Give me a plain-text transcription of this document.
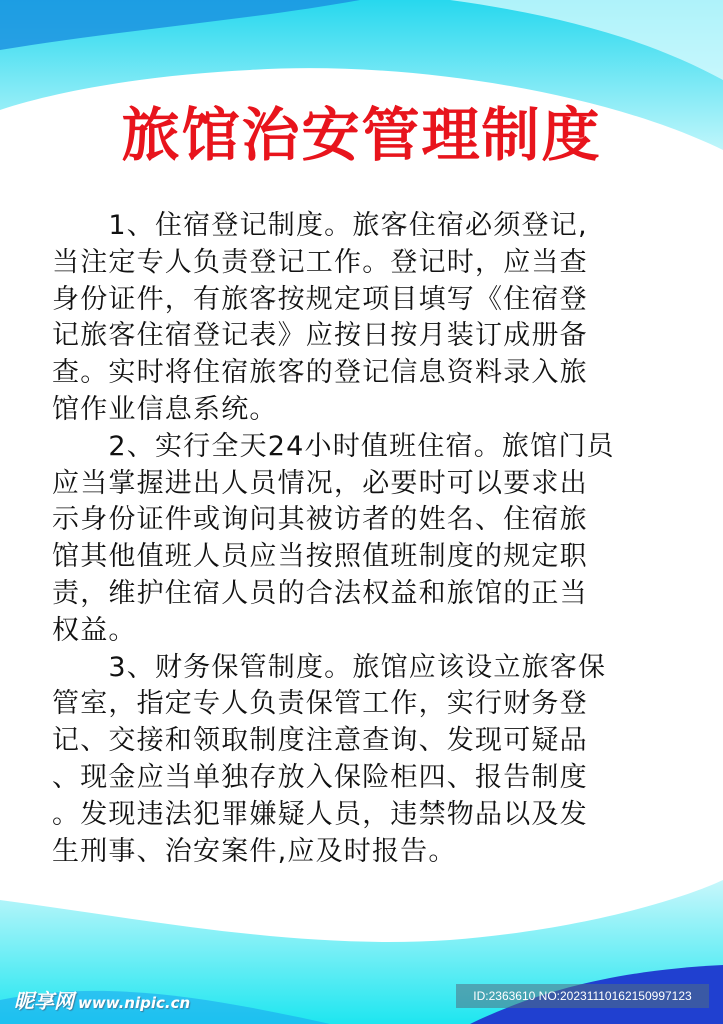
旅馆治安管理制度
　　1、住宿登记制度。旅客住宿必须登记,
当注定专人负责登记工作。登记时，应当查
身份证件，有旅客按规定项目填写《住宿登
记旅客住宿登记表》应按日按月装订成册备
查。实时将住宿旅客的登记信息资料录入旅
馆作业信息系统。
　　2、实行全天24小时值班住宿。旅馆门员
应当掌握进出人员情况，必要时可以要求出
示身份证件或询问其被访者的姓名、住宿旅
馆其他值班人员应当按照值班制度的规定职
责，维护住宿人员的合法权益和旅馆的正当
权益。
　　3、财务保管制度。旅馆应该设立旅客保
管室，指定专人负责保管工作，实行财务登
记、交接和领取制度注意查询、发现可疑品
、现金应当单独存放入保险柜四、报告制度
。发现违法犯罪嫌疑人员，违禁物品以及发
生刑事、治安案件,应及时报告。
昵享网 www.nipic.cn	ID:2363610 NO:20231110162150997123
